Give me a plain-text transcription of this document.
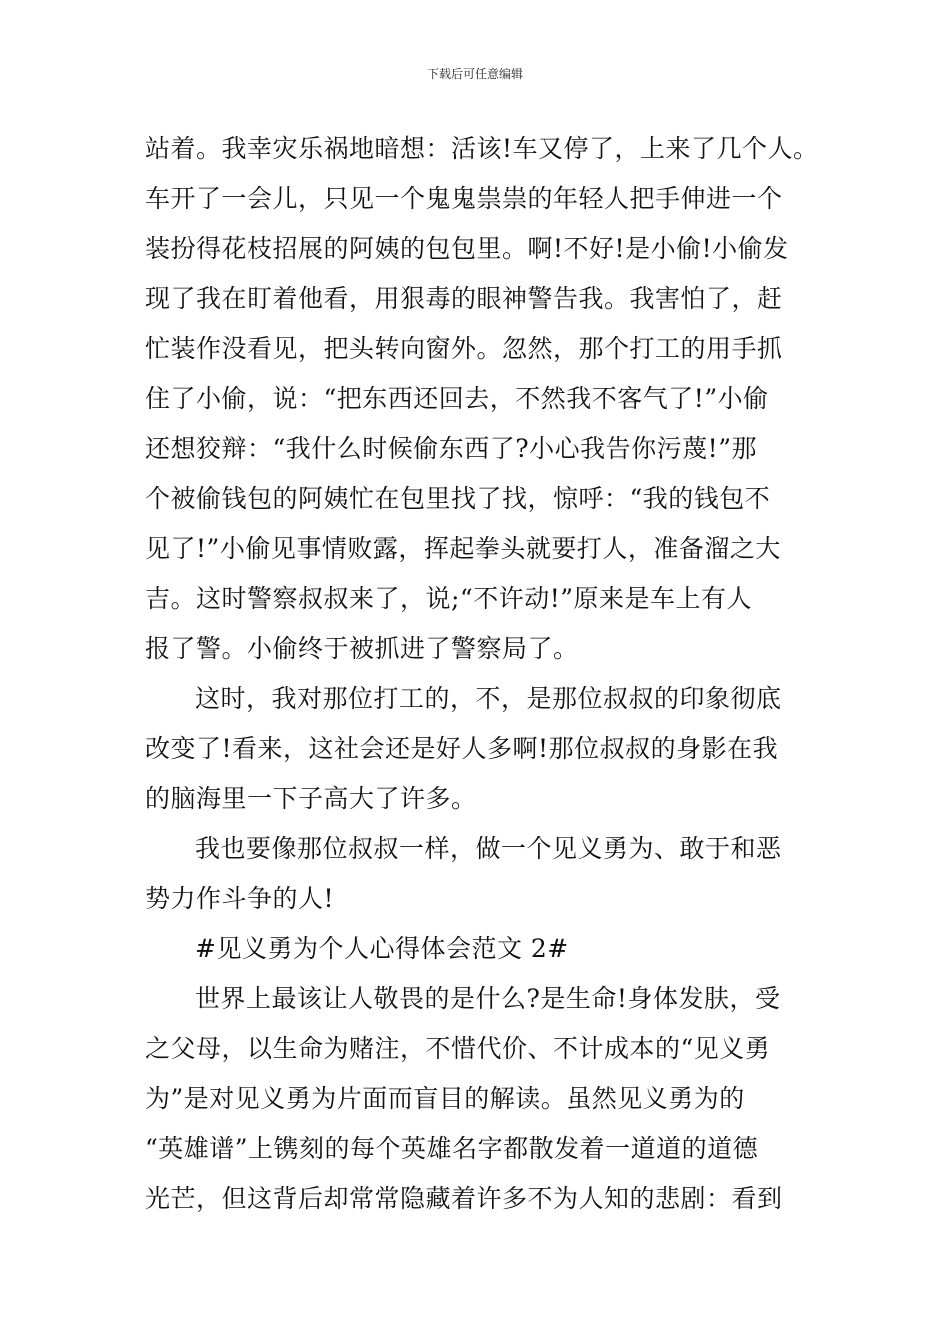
下载后可任意编辑

站着。我幸灾乐祸地暗想：活该!车又停了，上来了几个人。
车开了一会儿，只见一个鬼鬼祟祟的年轻人把手伸进一个
装扮得花枝招展的阿姨的包包里。啊!不好!是小偷!小偷发
现了我在盯着他看，用狠毒的眼神警告我。我害怕了，赶
忙装作没看见，把头转向窗外。忽然，那个打工的用手抓
住了小偷，说：“把东西还回去，不然我不客气了!”小偷
还想狡辩：“我什么时候偷东西了?小心我告你污蔑!”那
个被偷钱包的阿姨忙在包里找了找，惊呼：“我的钱包不
见了!”小偷见事情败露，挥起拳头就要打人，准备溜之大
吉。这时警察叔叔来了，说;“不许动!”原来是车上有人
报了警。小偷终于被抓进了警察局了。

这时，我对那位打工的，不，是那位叔叔的印象彻底
改变了!看来，这社会还是好人多啊!那位叔叔的身影在我
的脑海里一下子高大了许多。

我也要像那位叔叔一样，做一个见义勇为、敢于和恶
势力作斗争的人!

#见义勇为个人心得体会范文 2#

世界上最该让人敬畏的是什么?是生命!身体发肤，受
之父母，以生命为赌注，不惜代价、不计成本的“见义勇
为”是对见义勇为片面而盲目的解读。虽然见义勇为的
“英雄谱”上镌刻的每个英雄名字都散发着一道道的道德
光芒，但这背后却常常隐藏着许多不为人知的悲剧：看到
